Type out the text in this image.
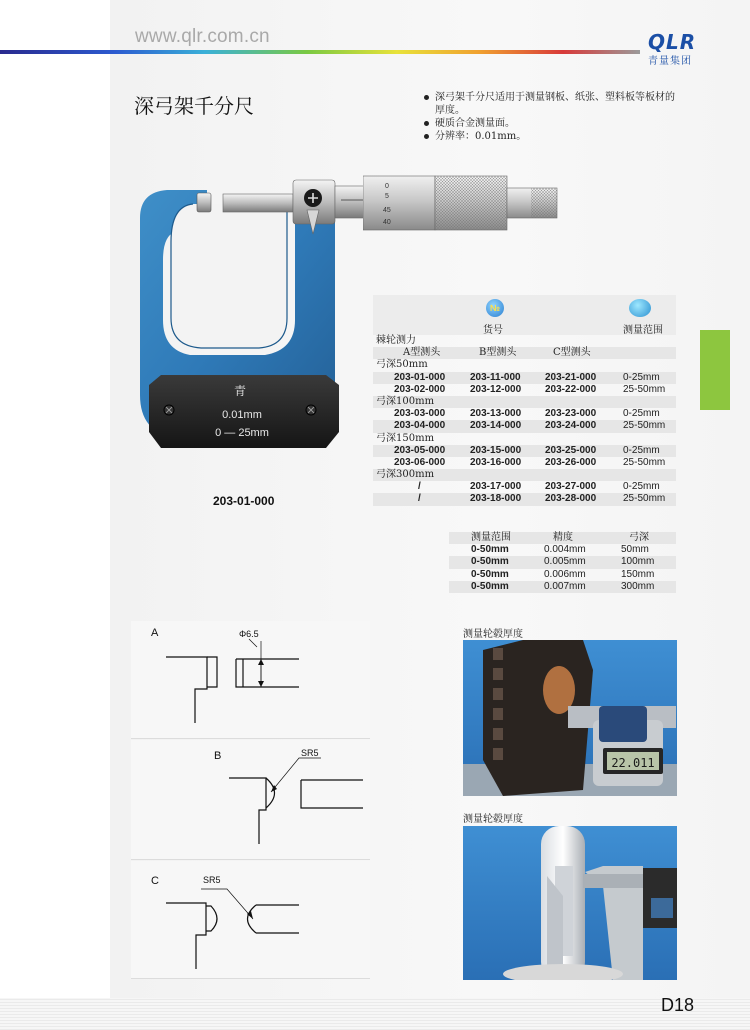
www.qlr.com.cn	QLR
青量集团
深弓架千分尺	深弓架千分尺适用于测量钢板、纸张、塑料板等板材的厚度。
硬质合金测量面。
分辨率：0.01mm。
青
0.01mm
0 — 25mm
0
5
45
40
203-01-000
№
货号	测量范围
棘轮测力
A型测头	B型测头	C型测头
弓深50mm
203-01-000 203-11-000 203-21-000	0-25mm
203-02-000 203-12-000 203-22-000	25-50mm
弓深100mm
203-03-000 203-13-000 203-23-000	0-25mm
203-04-000 203-14-000 203-24-000	25-50mm
弓深150mm
203-05-000 203-15-000 203-25-000	0-25mm
203-06-000 203-16-000 203-26-000	25-50mm
弓深300mm
/	203-17-000 203-27-000	0-25mm
/	203-18-000 203-28-000	25-50mm
测量范围	精度	弓深
0-50mm	0.004mm	50mm
0-50mm	0.005mm	100mm
0-50mm	0.006mm	150mm
0-50mm	0.007mm	300mm
A	Φ6.5
B	SR5
C	SR5
测量轮毂厚度
22.011
测量轮毂厚度
D18
